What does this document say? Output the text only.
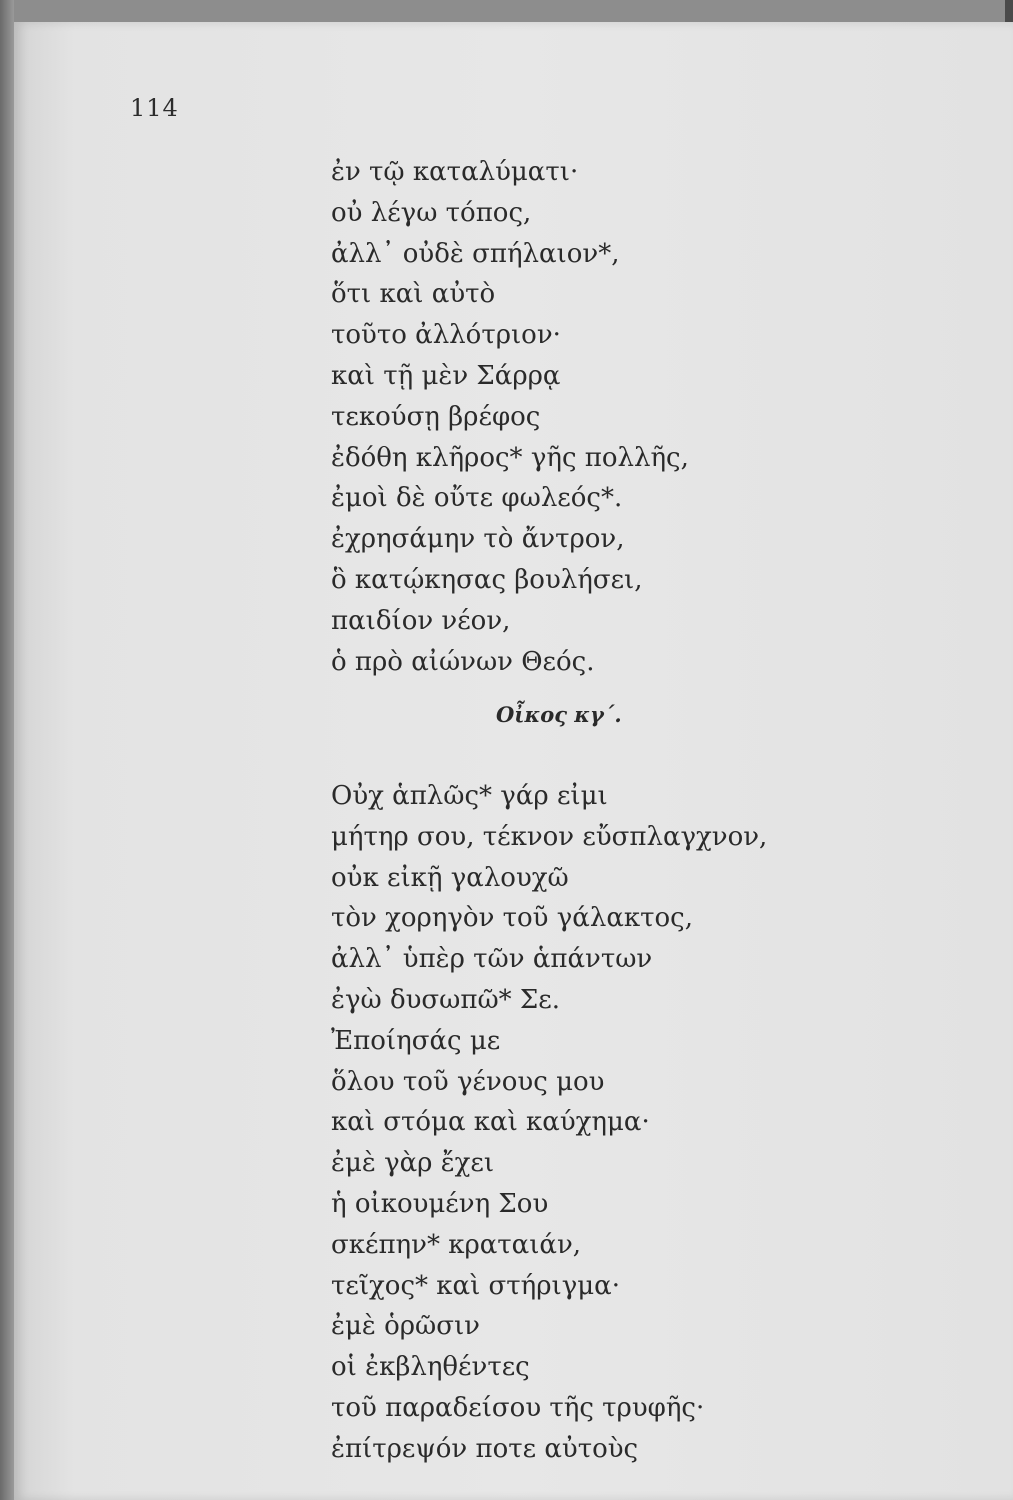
114
ἐν τῷ καταλύματι·
οὐ λέγω τόπος,
ἀλλ᾽ οὐδὲ σπήλαιον*,
ὅτι καὶ αὐτὸ
τοῦτο ἀλλότριον·
καὶ τῇ μὲν Σάρρᾳ
τεκούσῃ βρέφος
ἐδόθη κλῆρος* γῆς πολλῆς,
ἐμοὶ δὲ οὔτε φωλεός*.
ἐχρησάμην τὸ ἄντρον,
ὃ κατῴκησας βουλήσει,
παιδίον νέον,
ὁ πρὸ αἰώνων Θεός.
Οἶκος κγ΄.
Οὐχ ἁπλῶς* γάρ εἰμι
μήτηρ σου, τέκνον εὔσπλαγχνον,
οὐκ εἰκῇ γαλουχῶ
τὸν χορηγὸν τοῦ γάλακτος,
ἀλλ᾽ ὑπὲρ τῶν ἁπάντων
ἐγὼ δυσωπῶ* Σε.
Ἐποίησάς με
ὅλου τοῦ γένους μου
καὶ στόμα καὶ καύχημα·
ἐμὲ γὰρ ἔχει
ἡ οἰκουμένη Σου
σκέπην* κραταιάν,
τεῖχος* καὶ στήριγμα·
ἐμὲ ὁρῶσιν
οἱ ἐκβληθέντες
τοῦ παραδείσου τῆς τρυφῆς·
ἐπίτρεψόν ποτε αὐτοὺς
